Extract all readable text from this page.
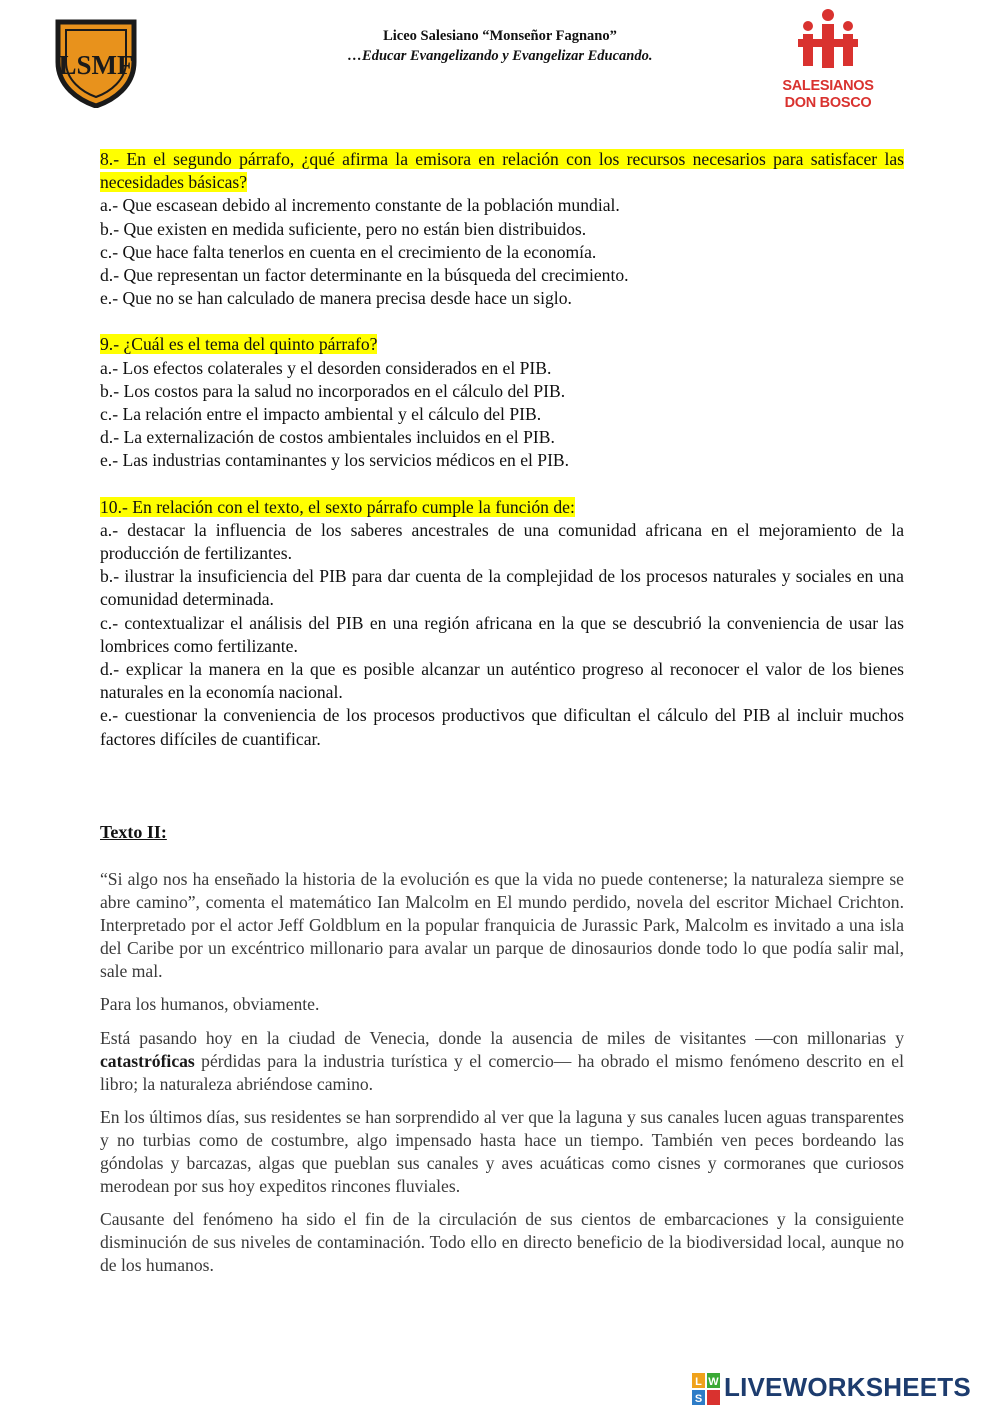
LSMF
Liceo Salesiano “Monseñor Fagnano”
…Educar Evangelizando y Evangelizar Educando.
SALESIANOS
DON BOSCO

8.- En el segundo párrafo, ¿qué afirma la emisora en relación con los recursos necesarios para satisfacer las necesidades básicas?

a.- Que escasean debido al incremento constante de la población mundial.

b.- Que existen en medida suficiente, pero no están bien distribuidos.

c.- Que hace falta tenerlos en cuenta en el crecimiento de la economía.

d.- Que representan un factor determinante en la búsqueda del crecimiento.

e.- Que no se han calculado de manera precisa desde hace un siglo.

9.- ¿Cuál es el tema del quinto párrafo?

a.- Los efectos colaterales y el desorden considerados en el PIB.

b.- Los costos para la salud no incorporados en el cálculo del PIB.

c.- La relación entre el impacto ambiental y el cálculo del PIB.

d.- La externalización de costos ambientales incluidos en el PIB.

e.- Las industrias contaminantes y los servicios médicos en el PIB.

10.- En relación con el texto, el sexto párrafo cumple la función de:

a.- destacar la influencia de los saberes ancestrales de una comunidad africana en el mejoramiento de la producción de fertilizantes.

b.- ilustrar la insuficiencia del PIB para dar cuenta de la complejidad de los procesos naturales y sociales en una comunidad determinada.

c.- contextualizar el análisis del PIB en una región africana en la que se descubrió la conveniencia de usar las lombrices como fertilizante.

d.- explicar la manera en la que es posible alcanzar un auténtico progreso al reconocer el valor de los bienes naturales en la economía nacional.

e.- cuestionar la conveniencia de los procesos productivos que dificultan el cálculo del PIB al incluir muchos factores difíciles de cuantificar.

Texto II:

“Si algo nos ha enseñado la historia de la evolución es que la vida no puede contenerse; la naturaleza siempre se abre camino”, comenta el matemático Ian Malcolm en El mundo perdido, novela del escritor Michael Crichton. Interpretado por el actor Jeff Goldblum en la popular franquicia de Jurassic Park, Malcolm es invitado a una isla del Caribe por un excéntrico millonario para avalar un parque de dinosaurios donde todo lo que podía salir mal, sale mal.

Para los humanos, obviamente.

Está pasando hoy en la ciudad de Venecia, donde la ausencia de miles de visitantes —con millonarias y catastróficas pérdidas para la industria turística y el comercio— ha obrado el mismo fenómeno descrito en el libro; la naturaleza abriéndose camino.

En los últimos días, sus residentes se han sorprendido al ver que la laguna y sus canales lucen aguas transparentes y no turbias como de costumbre, algo impensado hasta hace un tiempo. También ven peces bordeando las góndolas y barcazas, algas que pueblan sus canales y aves acuáticas como cisnes y cormoranes que curiosos merodean por sus hoy expeditos rincones fluviales.

Causante del fenómeno ha sido el fin de la circulación de sus cientos de embarcaciones y la consiguiente disminución de sus niveles de contaminación. Todo ello en directo beneficio de la biodiversidad local, aunque no de los humanos.

L W
S LIVEWORKSHEETS
